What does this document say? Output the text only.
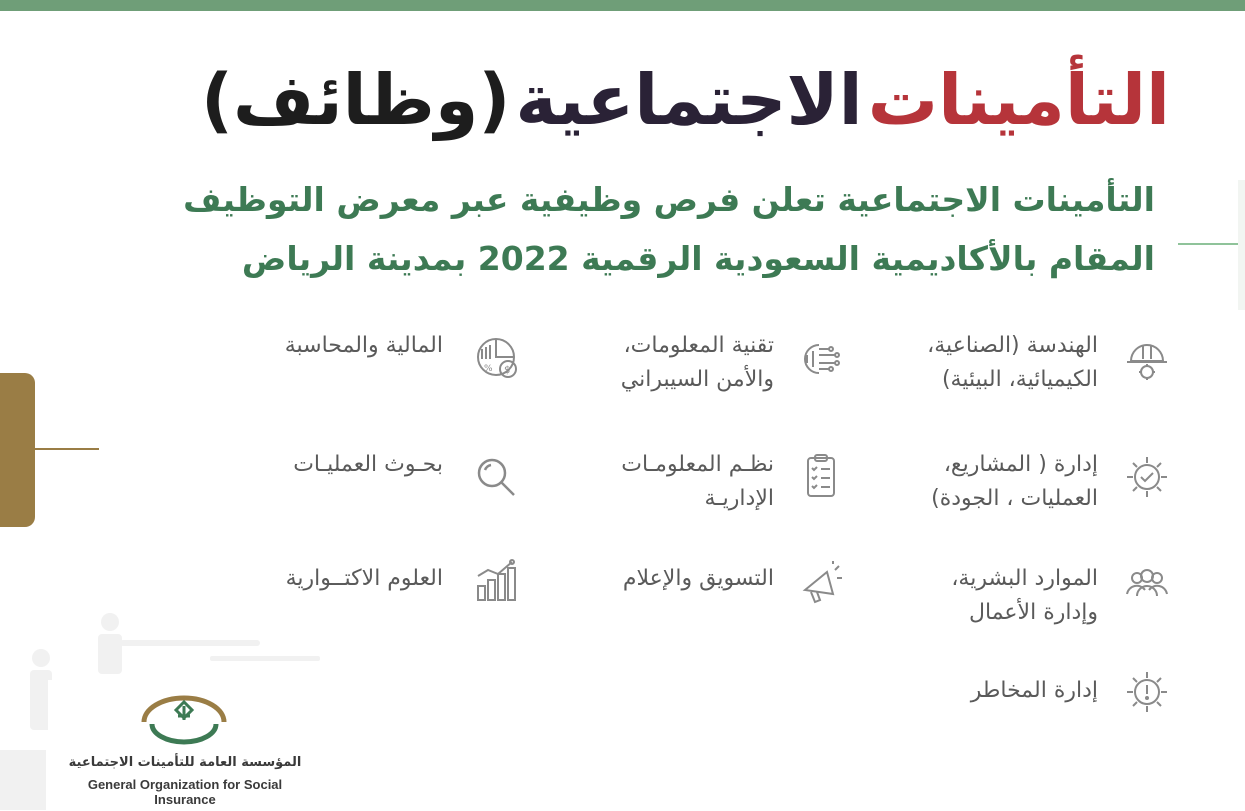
التأمينات الاجتماعية (وظائف)
التأمينات الاجتماعية تعلن فرص وظيفية عبر معرض التوظيف
المقام بالأكاديمية السعودية الرقمية 2022 بمدينة الرياض
الهندسة (الصناعية،
الكيميائية، البيئية)
إدارة ( المشاريع،
العمليات ، الجودة)
الموارد البشرية،
وإدارة الأعمال
إدارة المخاطر
تقنية المعلومات،
والأمن السيبراني
نظـم المعلومـات
الإداريـة
التسويق والإعلام
% $
المالية والمحاسبة
بحـوث العمليـات
العلوم الاكتــوارية
المؤسسة العامة للتأمينات الاجتماعية
General Organization for Social Insurance
